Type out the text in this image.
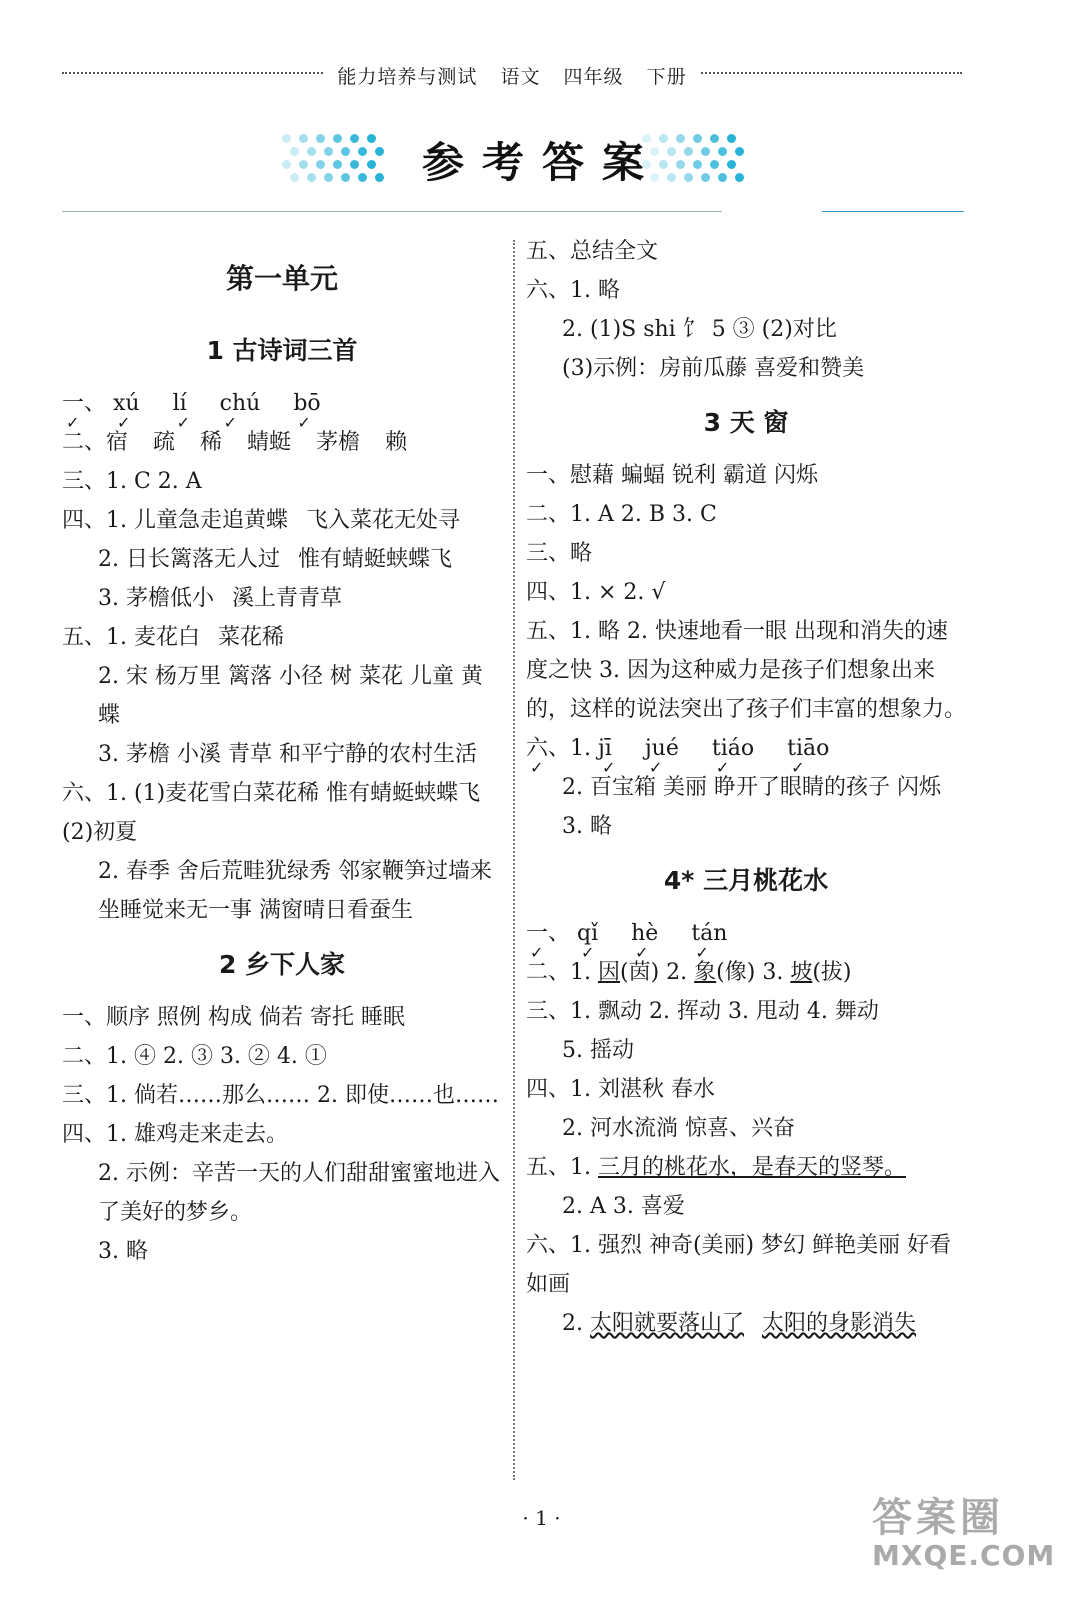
能力培养与测试 语文 四年级 下册
参考答案
第一单元
1 古诗词三首
一、 ✓ xú ✓ lí ✓ chú ✓ bō ✓
二、宿 疏 稀 蜻蜓 茅檐 赖
三、1. C 2. A
四、1. 儿童急走追黄蝶 飞入菜花无处寻
2. 日长篱落无人过 惟有蜻蜓蛱蝶飞
3. 茅檐低小 溪上青青草
五、1. 麦花白 菜花稀
2. 宋 杨万里 篱落 小径 树 菜花 儿童 黄蝶
3. 茅檐 小溪 青草 和平宁静的农村生活
六、1. (1)麦花雪白菜花稀 惟有蜻蜓蛱蝶飞 (2)初夏
2. 春季 舍后荒畦犹绿秀 邻家鞭笋过墙来 坐睡觉来无一事 满窗晴日看蚕生
2 乡下人家
一、顺序 照例 构成 倘若 寄托 睡眠
二、1. ④ 2. ③ 3. ② 4. ①
三、1. 倘若……那么…… 2. 即使……也……
四、1. 雄鸡走来走去。
2. 示例：辛苦一天的人们甜甜蜜蜜地进入了美好的梦乡。
3. 略
五、总结全文
六、1. 略
2. (1)S shi 饣 5 ③ (2)对比
(3)示例：房前瓜藤 喜爱和赞美
3 天 窗
一、慰藉 蝙蝠 锐利 霸道 闪烁
二、1. A 2. B 3. C
三、略
四、1. × 2. √
五、1. 略 2. 快速地看一眼 出现和消失的速度之快 3. 因为这种威力是孩子们想象出来的，这样的说法突出了孩子们丰富的想象力。
六、1. ✓ jī ✓ jué ✓ tiáo ✓ tiāo ✓
2. 百宝箱 美丽 睁开了眼睛的孩子 闪烁
3. 略
4* 三月桃花水
一、 ✓ qǐ ✓ hè ✓ tán ✓
二、1. 因(茵) 2. 象(像) 3. 坡(拔)
三、1. 飘动 2. 挥动 3. 甩动 4. 舞动
5. 摇动
四、1. 刘湛秋 春水
2. 河水流淌 惊喜、兴奋
五、1. 三月的桃花水，是春天的竖琴。
2. A 3. 喜爱
六、1. 强烈 神奇(美丽) 梦幻 鲜艳美丽 好看 如画
2. 太阳就要落山了 太阳的身影消失
· 1 ·	答案圈
MXQE.COM
